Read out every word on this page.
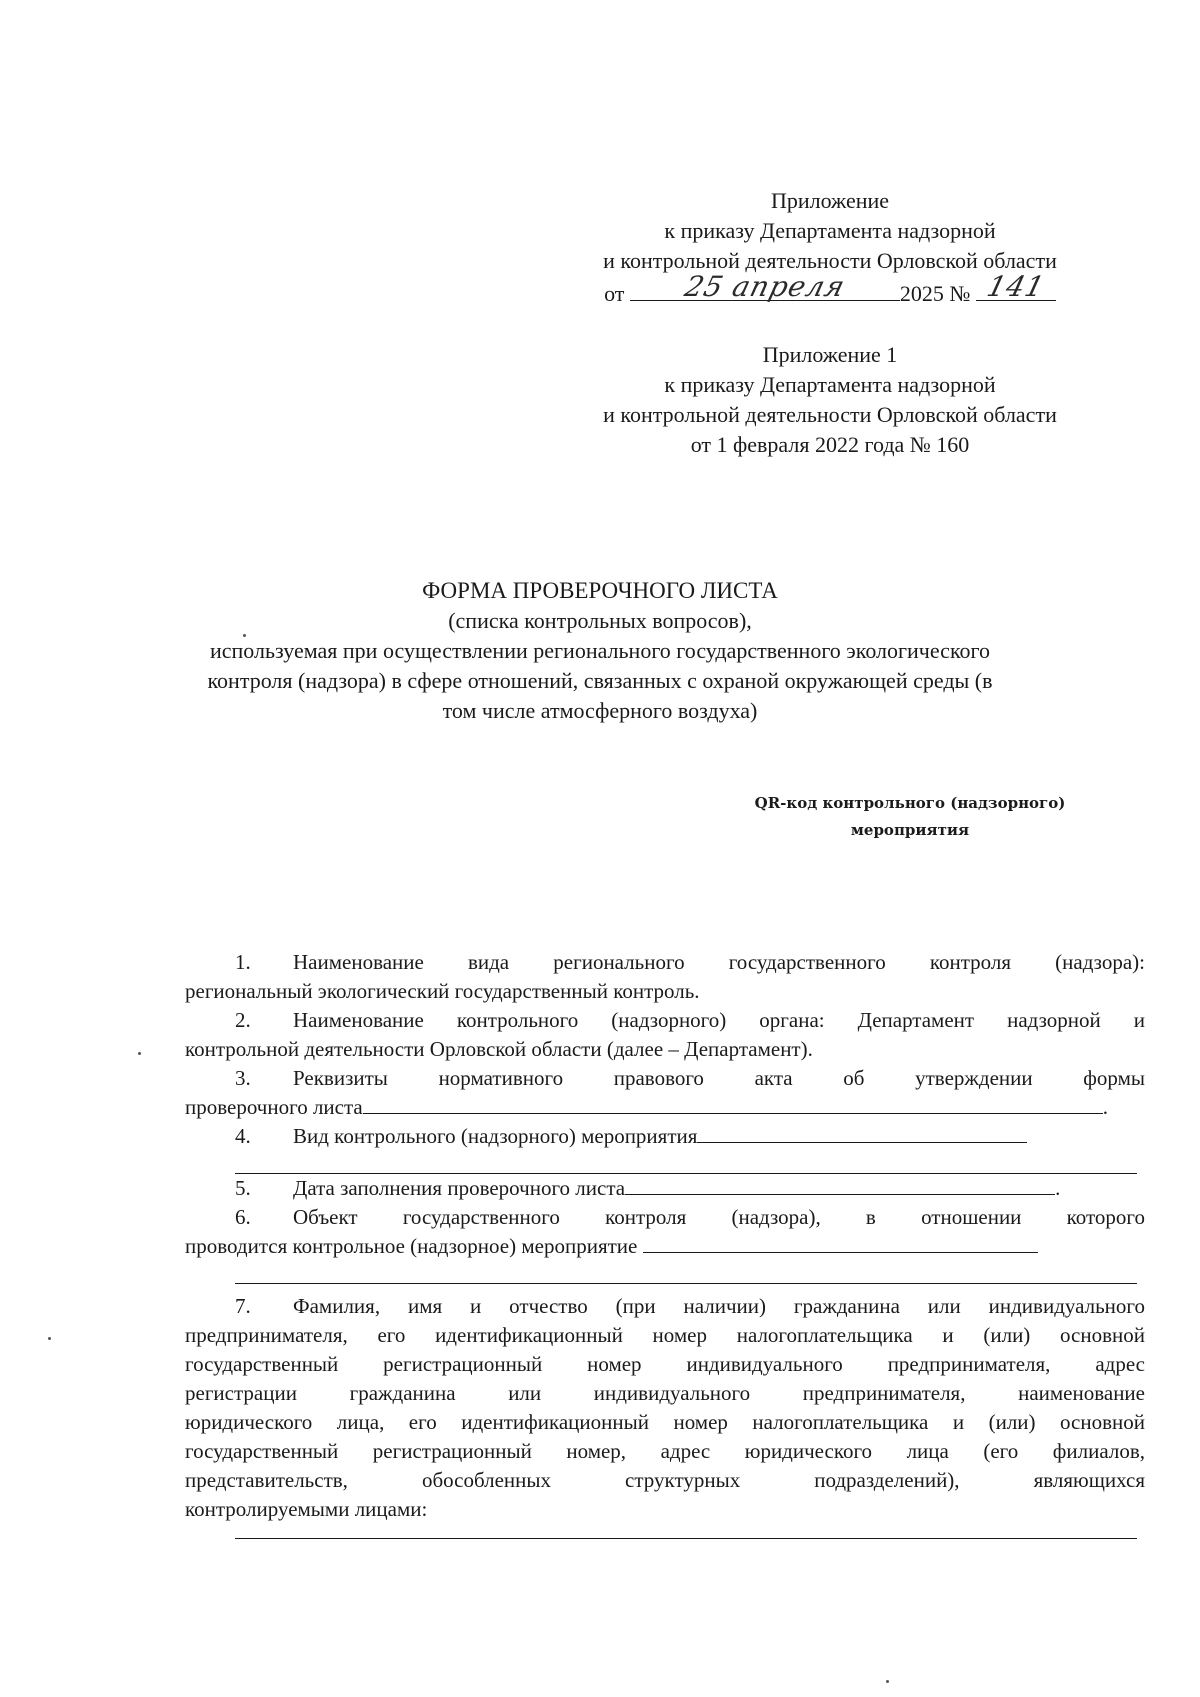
Приложение
к приказу Департамента надзорной
и контрольной деятельности Орловской области
от	25 апреля	2025 № 141
Приложение 1
к приказу Департамента надзорной
и контрольной деятельности Орловской области
от 1 февраля 2022 года № 160
ФОРМА ПРОВЕРОЧНОГО ЛИСТА
(списка контрольных вопросов),
используемая при осуществлении регионального государственного экологического
контроля (надзора) в сфере отношений, связанных с охраной окружающей среды (в
том числе атмосферного воздуха)
QR-код контрольного (надзорного)
мероприятия

1. Наименование вида регионального государственного контроля (надзора):

региональный экологический государственный контроль.

2. Наименование контрольного (надзорного) органа: Департамент надзорной и

контрольной деятельности Орловской области (далее – Департамент).

3. Реквизиты нормативного правового акта об утверждении формы

проверочного листа	.

4. Вид контрольного (надзорного) мероприятия

5. Дата заполнения проверочного листа	.

6. Объект государственного контроля (надзора), в отношении которого

проводится контрольное (надзорное) мероприятие

7. Фамилия, имя и отчество (при наличии) гражданина или индивидуального

предпринимателя, его идентификационный номер налогоплательщика и (или) основной

государственный регистрационный номер индивидуального предпринимателя, адрес

регистрации гражданина или индивидуального предпринимателя, наименование

юридического лица, его идентификационный номер налогоплательщика и (или) основной

государственный регистрационный номер, адрес юридического лица (его филиалов,

представительств, обособленных структурных подразделений), являющихся

контролируемыми лицами:
